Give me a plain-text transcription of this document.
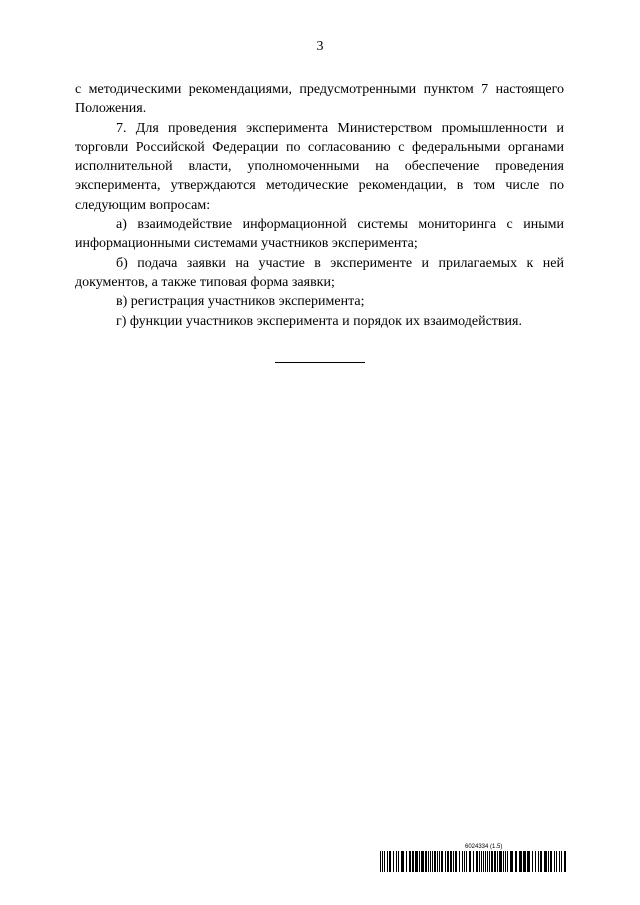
3

с методическими рекомендациями, предусмотренными пунктом 7 настоящего Положения.

7. Для проведения эксперимента Министерством промышленности и торговли Российской Федерации по согласованию с федеральными органами исполнительной власти, уполномоченными на обеспечение проведения эксперимента, утверждаются методические рекомендации, в том числе по следующим вопросам:

а) взаимодействие информационной системы мониторинга с иными информационными системами участников эксперимента;

б) подача заявки на участие в эксперименте и прилагаемых к ней документов, а также типовая форма заявки;

в) регистрация участников эксперимента;

г) функции участников эксперимента и порядок их взаимодействия.

6024334 (1.5)
